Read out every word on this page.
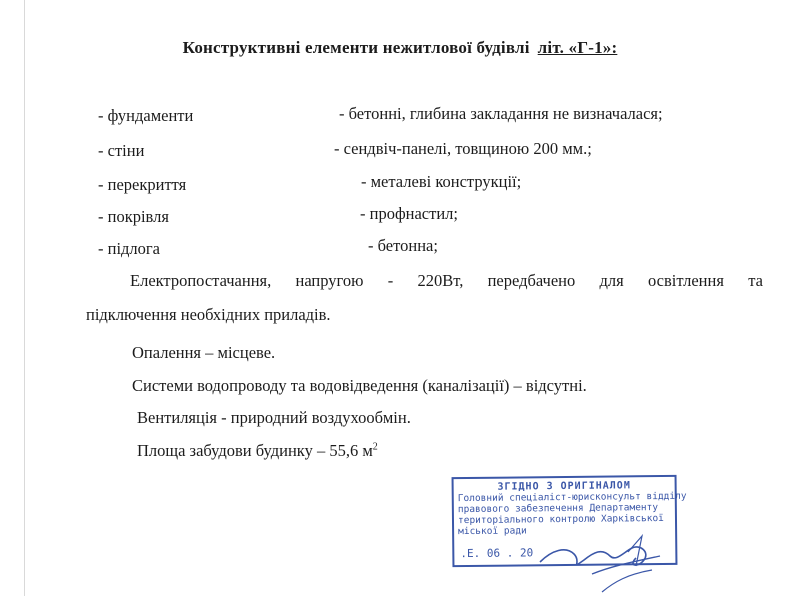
Конструктивні елементи нежитлової будівлі літ. «Г-1»:
- фундаменти	- бетонні, глибина закладання не визначалася;
- стіни	- сендвіч-панелі, товщиною 200 мм.;
- перекриття	- металеві конструкції;
- покрівля	- профнастил;
- підлога	- бетонна;
Електропостачання, напругою - 220Вт, передбачено для освітлення та
підключення необхідних приладів.
Опалення – місцеве.
Системи водопроводу та водовідведення (каналізації) – відсутні.
Вентиляція - природний воздухообмін.
Площа забудови будинку – 55,6 $м^2$
ЗГІДНО З ОРИГІНАЛОМ
Головний спеціаліст-юрисконсульт відділу
правового забезпечення Департаменту
територіального контролю Харківської
міської ради
.Е. 06 . 20
